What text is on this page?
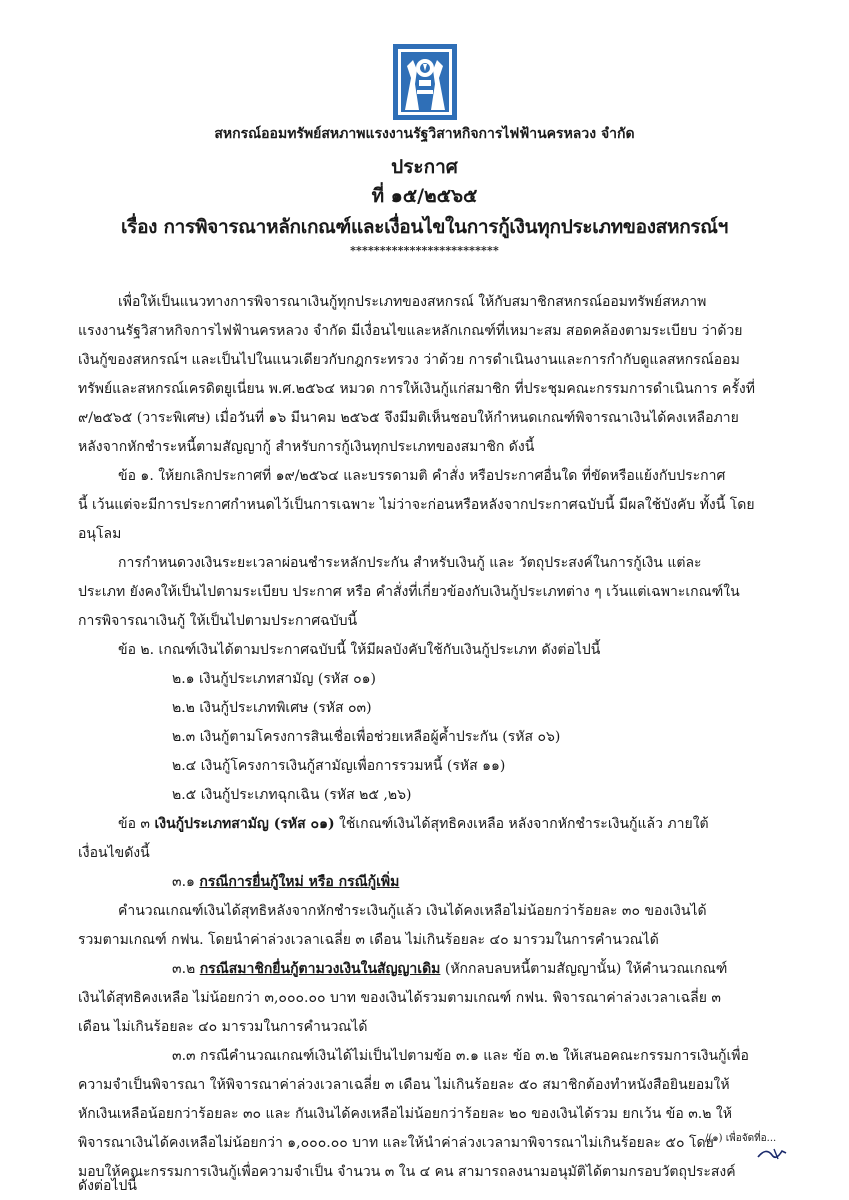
สหกรณ์ออมทรัพย์สหภาพแรงงานรัฐวิสาหกิจการไฟฟ้านครหลวง จำกัด
ประกาศ
ที่ ๑๕/๒๕๖๕
เรื่อง การพิจารณาหลักเกณฑ์และเงื่อนไขในการกู้เงินทุกประเภทของสหกรณ์ฯ
*************************
เพื่อให้เป็นแนวทางการพิจารณาเงินกู้ทุกประเภทของสหกรณ์ ให้กับสมาชิกสหกรณ์ออมทรัพย์สหภาพ
แรงงานรัฐวิสาหกิจการไฟฟ้านครหลวง จำกัด มีเงื่อนไขและหลักเกณฑ์ที่เหมาะสม สอดคล้องตามระเบียบ ว่าด้วย
เงินกู้ของสหกรณ์ฯ และเป็นไปในแนวเดียวกับกฎกระทรวง ว่าด้วย การดำเนินงานและการกำกับดูแลสหกรณ์ออม
ทรัพย์และสหกรณ์เครดิตยูเนี่ยน พ.ศ.๒๕๖๔ หมวด การให้เงินกู้แก่สมาชิก ที่ประชุมคณะกรรมการดำเนินการ ครั้งที่
๙/๒๕๖๕ (วาระพิเศษ) เมื่อวันที่ ๑๖ มีนาคม ๒๕๖๕ จึงมีมติเห็นชอบให้กำหนดเกณฑ์พิจารณาเงินได้คงเหลือภาย
หลังจากหักชำระหนี้ตามสัญญากู้ สำหรับการกู้เงินทุกประเภทของสมาชิก ดังนี้
ข้อ ๑. ให้ยกเลิกประกาศที่ ๑๙/๒๕๖๔ และบรรดามติ คำสั่ง หรือประกาศอื่นใด ที่ขัดหรือแย้งกับประกาศ
นี้ เว้นแต่จะมีการประกาศกำหนดไว้เป็นการเฉพาะ ไม่ว่าจะก่อนหรือหลังจากประกาศฉบับนี้ มีผลใช้บังคับ ทั้งนี้ โดย
อนุโลม
การกำหนดวงเงินระยะเวลาผ่อนชำระหลักประกัน สำหรับเงินกู้ และ วัตถุประสงค์ในการกู้เงิน แต่ละ
ประเภท ยังคงให้เป็นไปตามระเบียบ ประกาศ หรือ คำสั่งที่เกี่ยวข้องกับเงินกู้ประเภทต่าง ๆ เว้นแต่เฉพาะเกณฑ์ใน
การพิจารณาเงินกู้ ให้เป็นไปตามประกาศฉบับนี้
ข้อ ๒. เกณฑ์เงินได้ตามประกาศฉบับนี้ ให้มีผลบังคับใช้กับเงินกู้ประเภท ดังต่อไปนี้
๒.๑ เงินกู้ประเภทสามัญ (รหัส ๐๑)
๒.๒ เงินกู้ประเภทพิเศษ (รหัส ๐๓)
๒.๓ เงินกู้ตามโครงการสินเชื่อเพื่อช่วยเหลือผู้ค้ำประกัน (รหัส ๐๖)
๒.๔ เงินกู้โครงการเงินกู้สามัญเพื่อการรวมหนี้ (รหัส ๑๑)
๒.๕ เงินกู้ประเภทฉุกเฉิน (รหัส ๒๕ ,๒๖)
ข้อ ๓ เงินกู้ประเภทสามัญ (รหัส ๐๑) ใช้เกณฑ์เงินได้สุทธิคงเหลือ หลังจากหักชำระเงินกู้แล้ว ภายใต้
เงื่อนไขดังนี้
๓.๑ กรณีการยื่นกู้ใหม่ หรือ กรณีกู้เพิ่ม
คำนวณเกณฑ์เงินได้สุทธิหลังจากหักชำระเงินกู้แล้ว เงินได้คงเหลือไม่น้อยกว่าร้อยละ ๓๐ ของเงินได้
รวมตามเกณฑ์ กฟน. โดยนำค่าล่วงเวลาเฉลี่ย ๓ เดือน ไม่เกินร้อยละ ๔๐ มารวมในการคำนวณได้
๓.๒ กรณีสมาชิกยื่นกู้ตามวงเงินในสัญญาเดิม (หักกลบลบหนี้ตามสัญญานั้น) ให้คำนวณเกณฑ์
เงินได้สุทธิคงเหลือ ไม่น้อยกว่า ๓,๐๐๐.๐๐ บาท ของเงินได้รวมตามเกณฑ์ กฟน. พิจารณาค่าล่วงเวลาเฉลี่ย ๓
เดือน ไม่เกินร้อยละ ๔๐ มารวมในการคำนวณได้
๓.๓ กรณีคำนวณเกณฑ์เงินได้ไม่เป็นไปตามข้อ ๓.๑ และ ข้อ ๓.๒ ให้เสนอคณะกรรมการเงินกู้เพื่อ
ความจำเป็นพิจารณา ให้พิจารณาค่าล่วงเวลาเฉลี่ย ๓ เดือน ไม่เกินร้อยละ ๕๐ สมาชิกต้องทำหนังสือยินยอมให้
หักเงินเหลือน้อยกว่าร้อยละ ๓๐ และ กันเงินได้คงเหลือไม่น้อยกว่าร้อยละ ๒๐ ของเงินได้รวม ยกเว้น ข้อ ๓.๒ ให้
พิจารณาเงินได้คงเหลือไม่น้อยกว่า ๑,๐๐๐.๐๐ บาท และให้นำค่าล่วงเวลามาพิจารณาไม่เกินร้อยละ ๕๐ โดย
มอบให้คณะกรรมการเงินกู้เพื่อความจำเป็น จำนวน ๓ ใน ๔ คน สามารถลงนามอนุมัติได้ตามกรอบวัตถุประสงค์
ดังต่อไปนี้
/(๑) เพื่อจัดที่อ...
